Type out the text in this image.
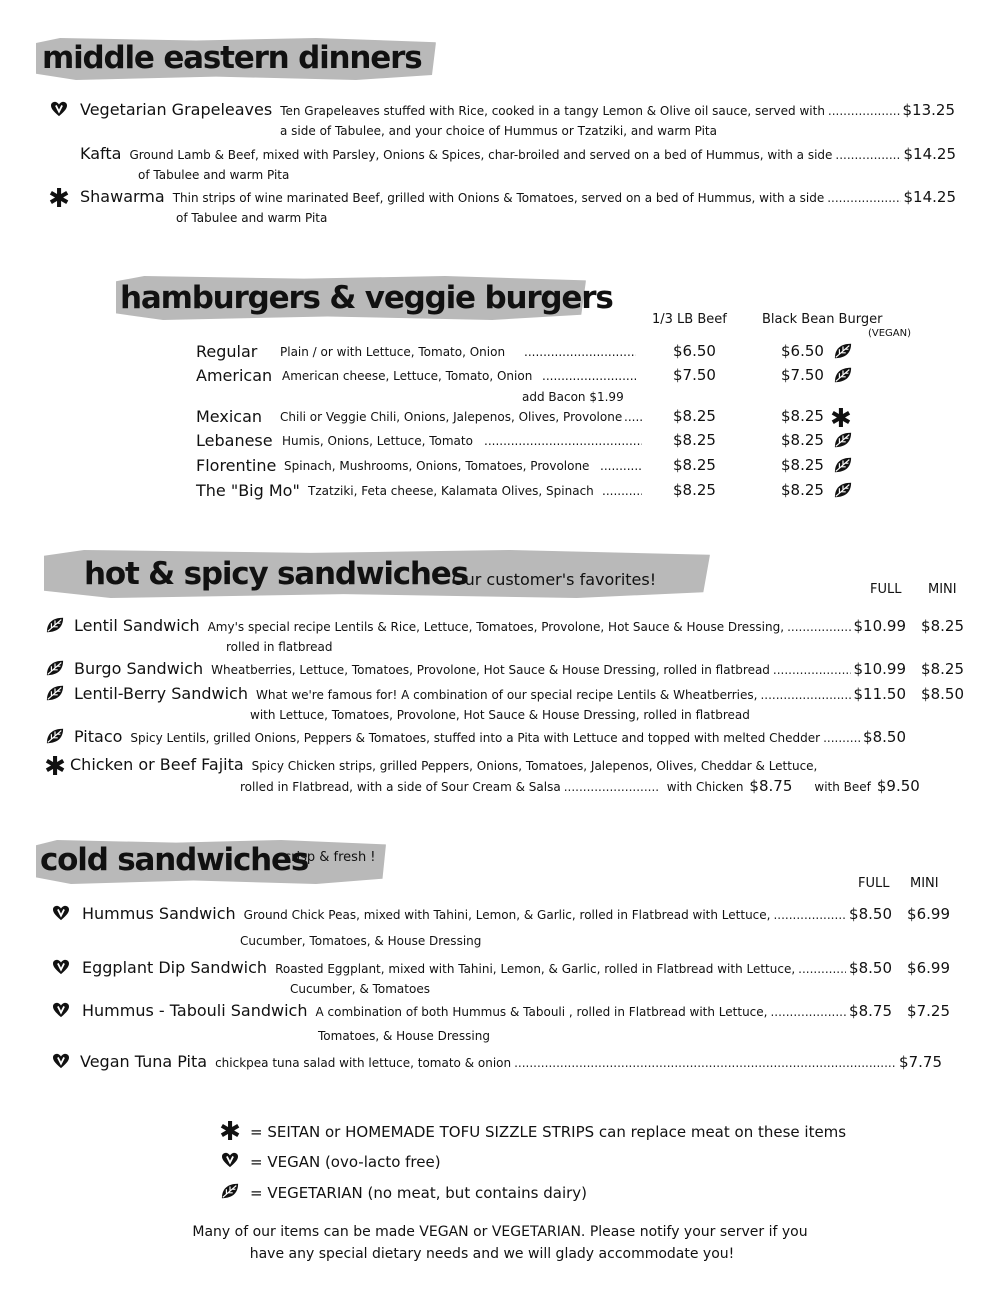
middle eastern dinners
Vegetarian Grapeleaves Ten Grapeleaves stuffed with Rice, cooked in a tangy Lemon & Olive oil sauce, served with .....	$13.25
a side of Tabulee, and your choice of Hummus or Tzatziki, and warm Pita
Kafta Ground Lamb & Beef, mixed with Parsley, Onions & Spices, char-broiled and served on a bed of Hummus, with a side .....	$14.25
of Tabulee and warm Pita
✱ Shawarma Thin strips of wine marinated Beef, grilled with Onions & Tomatoes, served on a bed of Hummus, with a side .....	$14.25
of Tabulee and warm Pita
hamburgers & veggie burgers
1/3 LB Beef	Black Bean Burger
(VEGAN)
Regular Plain / or with Lettuce, Tomato, Onion .....	$6.50	$6.50
American American cheese, Lettuce, Tomato, Onion .....	$7.50	$7.50
add Bacon $1.99
Mexican Chili or Veggie Chili, Onions, Jalepenos, Olives, Provolone .....	$8.25	$8.25 ✱
Lebanese Humis, Onions, Lettuce, Tomato .....	$8.25	$8.25
Florentine Spinach, Mushrooms, Onions, Tomatoes, Provolone .....	$8.25	$8.25
The "Big Mo" Tzatziki, Feta cheese, Kalamata Olives, Spinach .....	$8.25	$8.25
hot & spicy sandwiches
Our customer's favorites!
FULL MINI
Lentil Sandwich Amy's special recipe Lentils & Rice, Lettuce, Tomatoes, Provolone, Hot Sauce & House Dressing, .....	$10.99	$8.25
rolled in flatbread
Burgo Sandwich Wheatberries, Lettuce, Tomatoes, Provolone, Hot Sauce & House Dressing, rolled in flatbread .....	$10.99	$8.25
Lentil-Berry Sandwich What we're famous for! A combination of our special recipe Lentils & Wheatberries, .....	$11.50	$8.50
with Lettuce, Tomatoes, Provolone, Hot Sauce & House Dressing, rolled in flatbread
Pitaco Spicy Lentils, grilled Onions, Peppers & Tomatoes, stuffed into a Pita with Lettuce and topped with melted Chedder .....	$8.50
✱ Chicken or Beef Fajita Spicy Chicken strips, grilled Peppers, Onions, Tomatoes, Jalepenos, Olives, Cheddar & Lettuce,
rolled in Flatbread, with a side of Sour Cream & Salsa .....	with Chicken $8.75 with Beef $9.50
cold sandwiches
crisp & fresh !
FULL MINI
Hummus Sandwich Ground Chick Peas, mixed with Tahini, Lemon, & Garlic, rolled in Flatbread with Lettuce, .....	$8.50	$6.99
Cucumber, Tomatoes, & House Dressing
Eggplant Dip Sandwich Roasted Eggplant, mixed with Tahini, Lemon, & Garlic, rolled in Flatbread with Lettuce, .....	$8.50	$6.99
Cucumber, & Tomatoes
Hummus - Tabouli Sandwich A combination of both Hummus & Tabouli , rolled in Flatbread with Lettuce, .....	$8.75	$7.25
Tomatoes, & House Dressing
Vegan Tuna Pita chickpea tuna salad with lettuce, tomato & onion .....	$7.75
✱ = SEITAN or HOMEMADE TOFU SIZZLE STRIPS can replace meat on these items
= VEGAN (ovo-lacto free)
= VEGETARIAN (no meat, but contains dairy)
Many of our items can be made VEGAN or VEGETARIAN. Please notify your server if you
have any special dietary needs and we will glady accommodate you!
